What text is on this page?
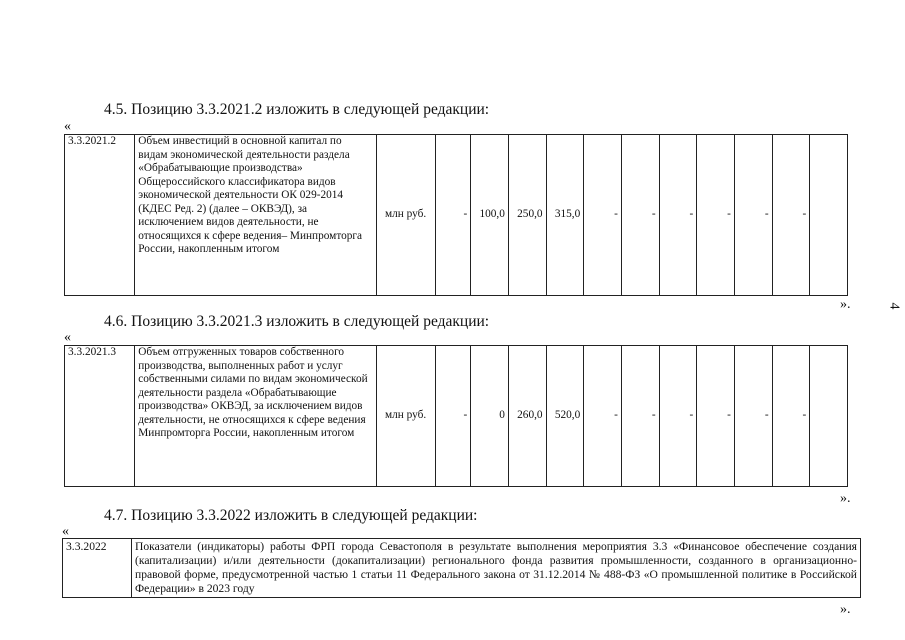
4.5. Позицию 3.3.2021.2 изложить в следующей редакции:
«
3.3.2021.2	Объем инвестиций в основной капитал по видам экономической деятельности раздела «Обрабатывающие производства» Общероссийского классификатора видов экономической деятельности ОК 029-2014 (КДЕС Ред. 2) (далее – ОКВЭД), за исключением видов деятельности, не относящихся к сфере ведения– Минпромторга России, накопленным итогом	млн руб.	-	100,0	250,0	315,0	-	-	-	-	-	-	
».	4
4.6. Позицию 3.3.2021.3 изложить в следующей редакции:
«
3.3.2021.3	Объем отгруженных товаров собственного производства, выполненных работ и услуг собственными силами по видам экономической деятельности раздела «Обрабатывающие производства» ОКВЭД, за исключением видов деятельности, не относящихся к сфере ведения Минпромторга России, накопленным итогом	млн руб.	-	0	260,0	520,0	-	-	-	-	-	-	
».
4.7. Позицию 3.3.2022 изложить в следующей редакции:
«
3.3.2022	Показатели (индикаторы) работы ФРП города Севастополя в результате выполнения мероприятия 3.3 «Финансовое обеспечение создания (капитализации) и/или деятельности (докапитализации) регионального фонда развития промышленности, созданного в организационно-правовой форме, предусмотренной частью 1 статьи 11 Федерального закона от 31.12.2014 № 488-ФЗ «О промышленной политике в Российской Федерации» в 2023 году
».
